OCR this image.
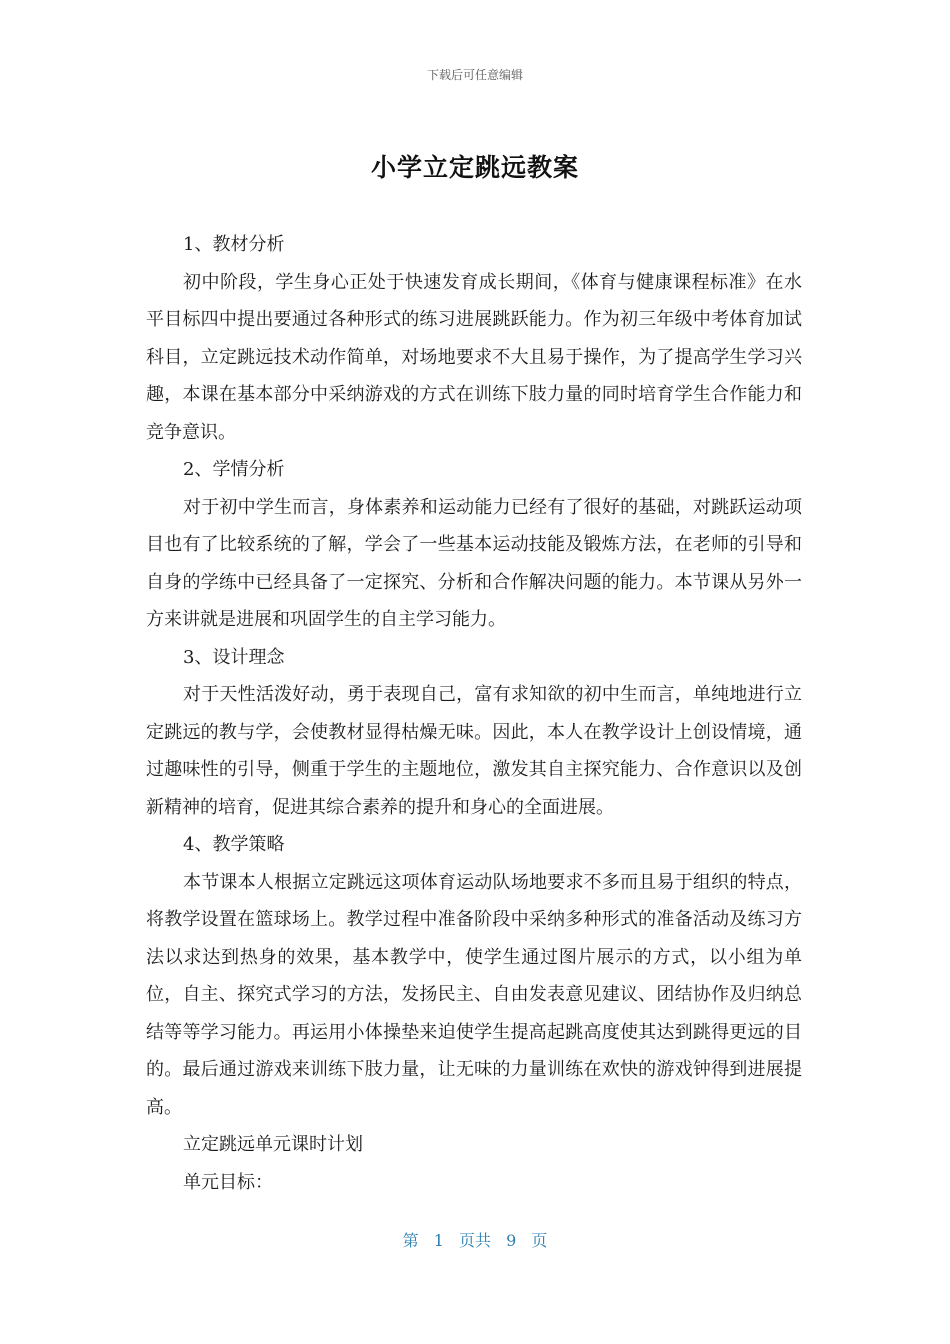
下载后可任意编辑
小学立定跳远教案

1、教材分析

初中阶段，学生身心正处于快速发育成长期间，《体育与健康课程标准》在水平目标四中提出要通过各种形式的练习进展跳跃能力。作为初三年级中考体育加试科目，立定跳远技术动作简单，对场地要求不大且易于操作，为了提高学生学习兴趣，本课在基本部分中采纳游戏的方式在训练下肢力量的同时培育学生合作能力和竞争意识。

2、学情分析

对于初中学生而言，身体素养和运动能力已经有了很好的基础，对跳跃运动项目也有了比较系统的了解，学会了一些基本运动技能及锻炼方法，在老师的引导和自身的学练中已经具备了一定探究、分析和合作解决问题的能力。本节课从另外一方来讲就是进展和巩固学生的自主学习能力。

3、设计理念

对于天性活泼好动，勇于表现自己，富有求知欲的初中生而言，单纯地进行立定跳远的教与学，会使教材显得枯燥无味。因此，本人在教学设计上创设情境，通过趣味性的引导，侧重于学生的主题地位，激发其自主探究能力、合作意识以及创新精神的培育，促进其综合素养的提升和身心的全面进展。

4、教学策略

本节课本人根据立定跳远这项体育运动队场地要求不多而且易于组织的特点，将教学设置在篮球场上。教学过程中准备阶段中采纳多种形式的准备活动及练习方法以求达到热身的效果，基本教学中，使学生通过图片展示的方式，以小组为单位，自主、探究式学习的方法，发扬民主、自由发表意见建议、团结协作及归纳总结等等学习能力。再运用小体操垫来迫使学生提高起跳高度使其达到跳得更远的目的。最后通过游戏来训练下肢力量，让无味的力量训练在欢快的游戏钟得到进展提高。

立定跳远单元课时计划

单元目标：

第 1 页共 9 页
